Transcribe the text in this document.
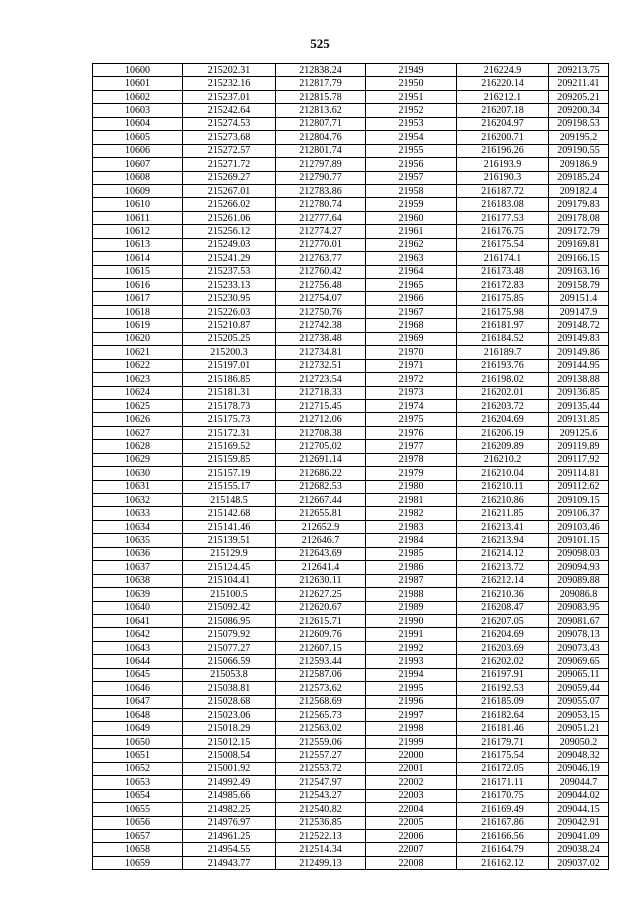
525
10600	215202.31	212838.24	21949	216224.9	209213.75
10601	215232.16	212817.79	21950	216220.14	209211.41
10602	215237.01	212815.78	21951	216212.1	209205.21
10603	215242.64	212813.62	21952	216207.18	209200.34
10604	215274.53	212807.71	21953	216204.97	209198.53
10605	215273.68	212804.76	21954	216200.71	209195.2
10606	215272.57	212801.74	21955	216196.26	209190.55
10607	215271.72	212797.89	21956	216193.9	209186.9
10608	215269.27	212790.77	21957	216190.3	209185.24
10609	215267.01	212783.86	21958	216187.72	209182.4
10610	215266.02	212780.74	21959	216183.08	209179.83
10611	215261.06	212777.64	21960	216177.53	209178.08
10612	215256.12	212774.27	21961	216176.75	209172.79
10613	215249.03	212770.01	21962	216175.54	209169.81
10614	215241.29	212763.77	21963	216174.1	209166.15
10615	215237.53	212760.42	21964	216173.48	209163.16
10616	215233.13	212756.48	21965	216172.83	209158.79
10617	215230.95	212754.07	21966	216175.85	209151.4
10618	215226.03	212750.76	21967	216175.98	209147.9
10619	215210.87	212742.38	21968	216181.97	209148.72
10620	215205.25	212738.48	21969	216184.52	209149.83
10621	215200.3	212734.81	21970	216189.7	209149.86
10622	215197.01	212732.51	21971	216193.76	209144.95
10623	215186.85	212723.54	21972	216198.02	209138.88
10624	215181.31	212718.33	21973	216202.01	209136.85
10625	215178.73	212715.45	21974	216203.72	209135.44
10626	215175.73	212712.06	21975	216204.69	209131.85
10627	215172.31	212708.38	21976	216206.19	209125.6
10628	215169.52	212705.02	21977	216209.89	209119.89
10629	215159.85	212691.14	21978	216210.2	209117.92
10630	215157.19	212686.22	21979	216210.04	209114.81
10631	215155.17	212682.53	21980	216210.11	209112.62
10632	215148.5	212667.44	21981	216210.86	209109.15
10633	215142.68	212655.81	21982	216211.85	209106.37
10634	215141.46	212652.9	21983	216213.41	209103.46
10635	215139.51	212646.7	21984	216213.94	209101.15
10636	215129.9	212643.69	21985	216214.12	209098.03
10637	215124.45	212641.4	21986	216213.72	209094.93
10638	215104.41	212630.11	21987	216212.14	209089.88
10639	215100.5	212627.25	21988	216210.36	209086.8
10640	215092.42	212620.67	21989	216208.47	209083.95
10641	215086.95	212615.71	21990	216207.05	209081.67
10642	215079.92	212609.76	21991	216204.69	209078.13
10643	215077.27	212607.15	21992	216203.69	209073.43
10644	215066.59	212593.44	21993	216202.02	209069.65
10645	215053.8	212587.06	21994	216197.91	209065.11
10646	215038.81	212573.62	21995	216192.53	209059.44
10647	215028.68	212568.69	21996	216185.09	209055.07
10648	215023.06	212565.73	21997	216182.64	209053.15
10649	215018.29	212563.02	21998	216181.46	209051.21
10650	215012.15	212559.06	21999	216179.71	209050.2
10651	215008.54	212557.27	22000	216175.54	209048.32
10652	215001.92	212553.72	22001	216172.05	209046.19
10653	214992.49	212547.97	22002	216171.11	209044.7
10654	214985.66	212543.27	22003	216170.75	209044.02
10655	214982.25	212540.82	22004	216169.49	209044.15
10656	214976.97	212536.85	22005	216167.86	209042.91
10657	214961.25	212522.13	22006	216166.56	209041.09
10658	214954.55	212514.34	22007	216164.79	209038.24
10659	214943.77	212499.13	22008	216162.12	209037.02
